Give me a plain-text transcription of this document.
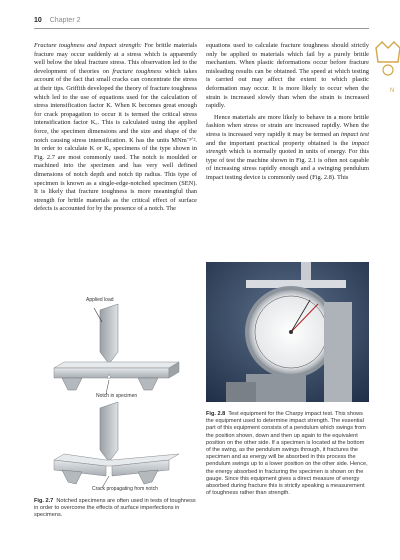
10 Chapter 2
N

Fracture toughness and impact strength: For brittle materials fracture may occur suddenly at a stress which is apparently well below the ideal fracture stress. This observation led to the development of theories on fracture toughness which takes account of the fact that small cracks can concentrate the stress at their tips. Griffith developed the theory of fracture toughness which led to the use of equations used for the calculation of stress intensification factor K. When K becomes great enough for crack propagation to occur it is termed the critical stress intensification factor K꜀. This is calculated using the applied force, the specimen dimensions and the size and shape of the notch causing stress intensification. K has the units MNm⁻³ᐟ². In order to calculate K or K꜀ specimens of the type shown in Fig. 2.7 are most commonly used. The notch is moulded or machined into the specimen and has very well defined dimensions of notch depth and notch tip radius. This type of specimen is known as a single-edge-notched specimen (SEN). It is likely that fracture toughness is more meaningful than strength for brittle materials as the critical effect of surface defects is accounted for by the presence of a notch. The

equations used to calculate fracture toughness should strictly only be applied to materials which fail by a purely brittle mechanism. When plastic deformations occur before fracture misleading results can be obtained. The speed at which testing is carried out may affect the extent to which plastic deformation may occur. It is more likely to occur when the strain is increased slowly than when the strain is increased rapidly.

Hence materials are more likely to behave in a more brittle fashion when stress or strain are increased rapidly. When the stress is increased very rapidly it may be termed an impact test and the important practical property obtained is the impact strength which is normally quoted in units of energy. For this type of test the machine shown in Fig. 2.1 is often not capable of increasing stress rapidly enough and a swinging pendulum impact testing device is commonly used (Fig. 2.8). This

Applied load
Notch in specimen
Crack propagating from notch
Fig. 2.7 Notched specimens are often used in tests of toughness in order to overcome the effects of surface imperfections in specimens.
Fig. 2.8 Test equipment for the Charpy impact test. This shows the equipment used to determine impact strength. The essential part of this equipment consists of a pendulum which swings from the position shown, down and then up again to the equivalent position on the other side. If a specimen is located at the bottom of the swing, as the pendulum swings through, it fractures the specimen and as energy will be absorbed in this process the pendulum swings up to a lower position on the other side. Hence, the energy absorbed in fracturing the specimen is shown on the gauge. Since this equipment gives a direct measure of energy absorbed during fracture this is strictly speaking a measurement of toughness rather than strength.
